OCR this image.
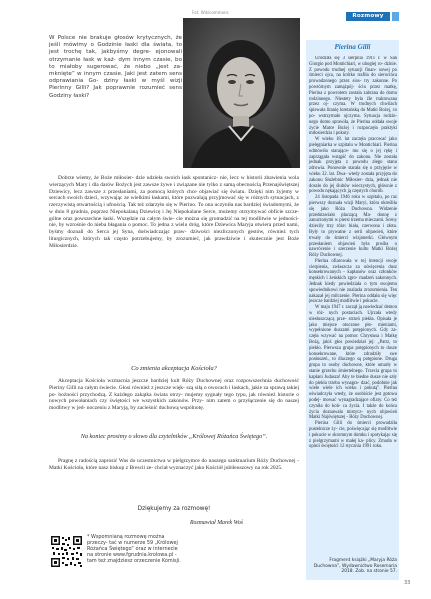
W Polsce nie brakuje głosów krytycznych, że jeśli mówimy o Godzinie łaski dla świata, to jest trochę tak, jakbyśmy degre- ejonowali otrzymanie łask w każ- dym innym czasie, bo to miałoby sugerować, że niebo „jest za- mknięte” w innym czasie. Jaki jest zatem sens odprawiania Go- dziny łaski w myśl wizji Pierinny Gilli? Jak poprawnie rozumieć sens Godziny łaski?
Fot. Wikicommons

Dobrze wiemy, że Boże miłosier- dzie udzieła swoich łask spontanicz- nie, lecz w historii zbawienia wola wierzących Mary i dla darów Bożych jest zawsze żywe i związane nie tylko z samą obecnością Przenajświętszej Dziewicy, lecz zawsze z przesłaniami, za pomocą których chce objawiać się światu. Dzięki nim żyjemy w sercach swoich dzieci, wzywając ze wielkimi łaskami, które pozwalają przyjmować się w różnych sytuacjach, z rzeczywistą otwartością i ufnością. Tak też zdarzyło się w Pierino. To ona uczyniła nas bardziej świadomymi, że w dniu 8 grudnia, poprzez Niepokalaną Dziewicę i Jej Niepokalane Serce, możemy otrzymywać obficie szcze- gólne oraz powszechne łaski. Wszędzie na całym świe- cie można się gromadzić na tej modlitwie w jedności- nie, by wzrośnie do nieba błagania o pomoc. To jedna z wielu dróg, które Dziewica Maryja otwiera przed nami, byśmy doznali do Serca jej Syna, doświadczając praw- dziwości niezliczonych gestów, również tych liturgicznych, których tak często potrzebujemy, by zrozumieć, jak prawdziwie i skutecznie jest Boże Miłosierdzie.

Co zmienia akceptacja Kościoła?

Akceptacja Kościoła wzmacnia jeszcze bardziej kult Róży Duchownej oraz rozpowszechnia duchowość Pieriny Gilli na całym świecie. Głosi również z jeszcze więk- szą siłą o owocach i łaskach, jakie za sprawą takiej po- bożności przychodzą. Z każdego zakątka świata otrzy- mujemy sygnały tego typu, jak również historie o nowych powołaniach czy świętości we wszystkich zakonów. Przy- nim zatem o przyłączenie się do naszej modlitwy w jed- noczeniu z Maryją, by zacieśnić duchową wspólnotę.

Na koniec prosimy o słowo dla czytelników „Królowej Różańca Świętego”.

Pragnę z radością zaprosić Was do uczestnictwa w pielgrzymce do naszego sanktuarium Róży Duchownej - Matki Kościoła, które nasz biskup z Brescii ze- chciał wyznaczyć jako Kościół jubileuszowy na rok 2025.

Dziękujemy za rozmowę!
Rozmawiał Marek Woś
* Wspomnianą rozmowę można przeczy- tać w numerze 59 „Królowej Różańca Świętego” oraz w internecie na stronie www.fgrudnia.krolowa.pl - tam też znajdziesz orzeczenie Komisji.
Rozmowy
Pierina Gilli

Urodziła się 3 sierpnia 1911 r. w San Giorgio pod Montichiari, w ubogiej ro- dzinie. Z powodu trudnej sytuacji finan- sowej po śmierci ojca, na krótko trafiła do sierocińca prowadzonego przez sios- try zakonne. Po powtórnym zamążpój- ściu przez matkę, Pierina z powrotem została zabrana do domu rodzinnego. Niestety była źle traktowana przez oj- czyma. W trudnych chwilach śpiewała litanię loretańską do Matki Bożej, co po- wstrzymało ojczyma. Sytuacja rodzin- nego domu sprawiła, że Pierina oddała swoje życie Matce Bożej i rozpoczęła praktyki miłosierdzia i pokuty.

W wieku 18. lat zaczęła pracować jako pielęgniarka w szpitalu w Montichiari. Pierina odmówiła starające- mu się o jej rękę i zaprzągała wstąpić do zakonu. Nie została jednak przyjęta z powodu złego stanu zdrowia. Ponownie starała się o przyjęcie w wieku 32. lat. Dwa- wtedy została przyjęta do zakonu Służebnic Miłosier- dzia, jednak nie doszło do jej ślubów wieczystych, głównie z powodu nękających ją częstych chorób.

24 listopada 1946 roku w szpitalu, po raz pierwszy doznała wizji Maryi, która określiła się jako Róża Duchowna. Widzenie przedstawiało płaczącą Ma- donnę z zanurzonymi w piersi trzema mieczami. Sceny dzieciły trzy róże: biała, czerwona i złota. Były to prywatne z serii objawień, które trwały do śmierci wizjonerki. Głównym przesłaniem objawień była prośba o nawrócenie i szerzenie kultu Matki Bożej Róży Duchownej.

Pierina ofiarowała w tej intencji swoje cierpienia, zwłaszcza za uświęcenia dusz konsekrowanych - kapłanów oraz członków męskich i żeńskich zgro- madzeń zakonnych. Jednak kiedy powiedziała o tym swojemu spowiednikowi nie znalazła zrozumienia. Ten nakazał jej milczenie. Pierina oddała się więc jeszcze bardziej modlitwie i pokucie.

W maju 1947 r. zaczął ją nawiedzać demon w róż- nych postaciach. Ujrzała wtedy niesłuszczącą prze- strzeń piekła. Opisała je jako miejsce otoczone pło- mieniami, wypełnione duszami potępionych. Gdy za- częła wzywać na pomoc Chrystusa i Matkę Bożą, jakiś głos powiedział jej: „Patrz, to piekło. Pierwsza grupa potępionych to dusze konsekrowane, które zdradziły swe posłuszeń., to dlaczego są potępione. Druga grupa to osoby duchowne, które umarły w stanie grzechu śmiertelnego. Trzecia grupa to kapłani Judasza! Aby te biedne dusze nie szły do piekła trzeba wynagra- dzać, podobnie jak wiele wiele ich wieku i pokutą”. Pierina oświadczyła wtedy, że osobiście jest gotowa podej- mować wynagradzające ofiary. Co też czyniła do koń- ca życia. I także do końca życia doznawała mistycz- nych objawień Matki Najświętszej - Róży Duchownej.

Pierina Gilli do śmierci prowadziła pustelnicze ży- cie, poświęcając się modlitwie i pokucie w skromnym domku i spotykając się z pielgrzymami w małej ka- plicy. Zmarła w opinii świętości 12 stycznia 1991 roku.

Fragment książki „Maryja Róża Duchowna”, Wydawnictwo Rosemaria 2018. Zob. na stronie 57.
33
